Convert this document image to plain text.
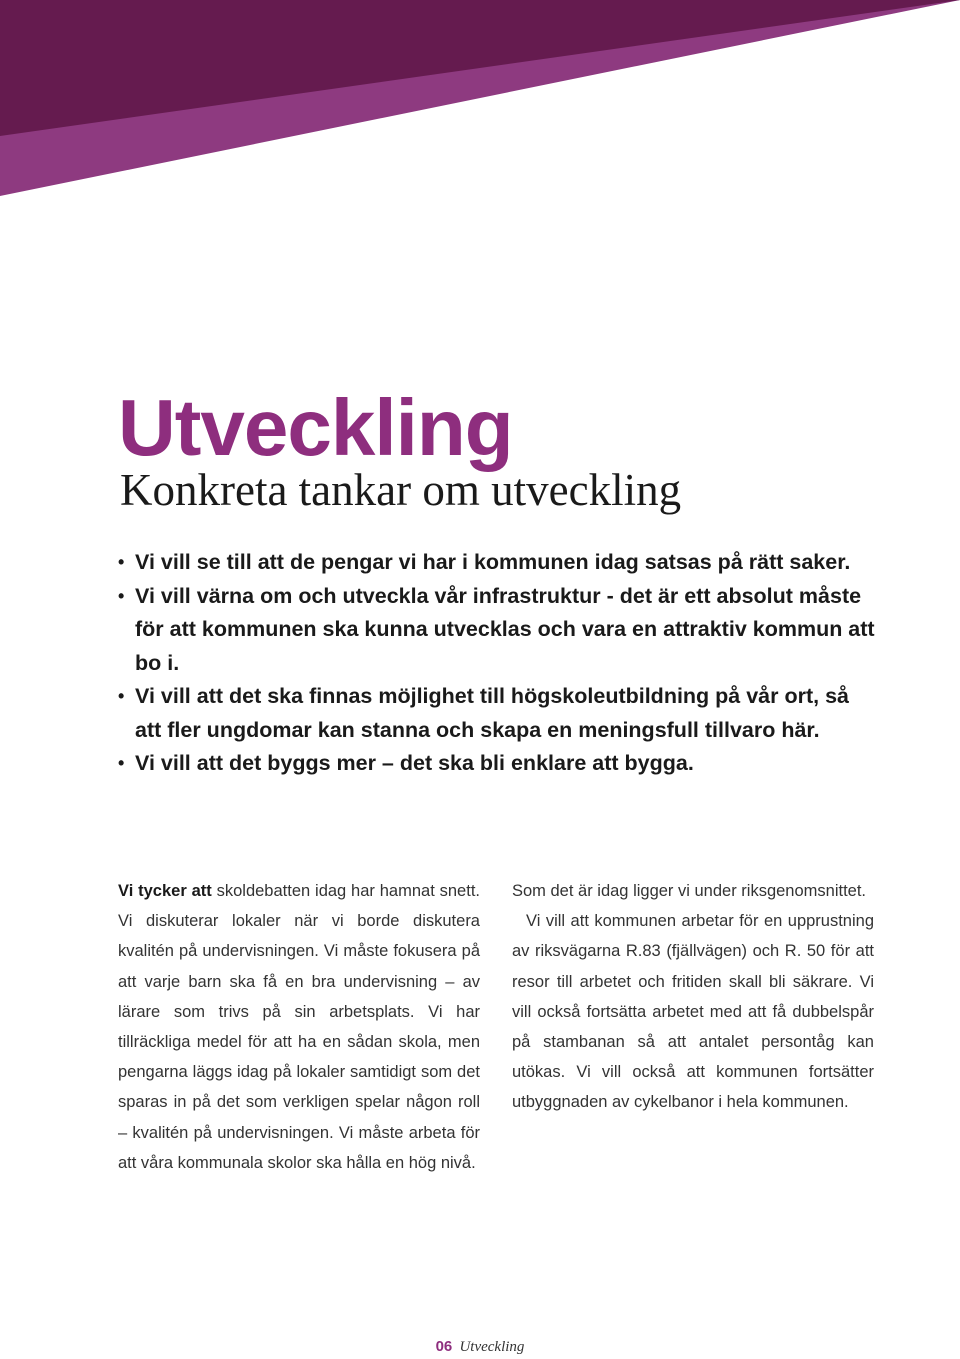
Utveckling
Konkreta tankar om utveckling
• Vi vill se till att de pengar vi har i kommunen idag satsas på rätt saker.
• Vi vill värna om och utveckla vår infrastruktur - det är ett absolut måste för att kommunen ska kunna utvecklas och vara en attraktiv kommun att bo i.
• Vi vill att det ska finnas möjlighet till högskoleutbildning på vår ort, så att fler ungdomar kan stanna och skapa en meningsfull tillvaro här.
• Vi vill att det byggs mer – det ska bli enklare att bygga.

Vi tycker att skoldebatten idag har hamnat snett. Vi diskuterar lokaler när vi borde diskutera kvalitén på undervisningen. Vi måste fokusera på att varje barn ska få en bra undervisning – av lärare som trivs på sin arbetsplats. Vi har tillräckliga medel för att ha en sådan skola, men pengarna läggs idag på lokaler samtidigt som det sparas in på det som verkligen spelar någon roll – kvalitén på undervisningen. Vi måste arbeta för att våra kommunala skolor ska hålla en hög nivå.

Som det är idag ligger vi under riksgenomsnittet.

Vi vill att kommunen arbetar för en upprustning av riksvägarna R.83 (fjällvägen) och R. 50 för att resor till arbetet och fritiden skall bli säkrare. Vi vill också fortsätta arbetet med att få dubbelspår på stambanan så att antalet persontåg kan utökas. Vi vill också att kommunen fortsätter utbyggnaden av cykelbanor i hela kommunen.

06 Utveckling
